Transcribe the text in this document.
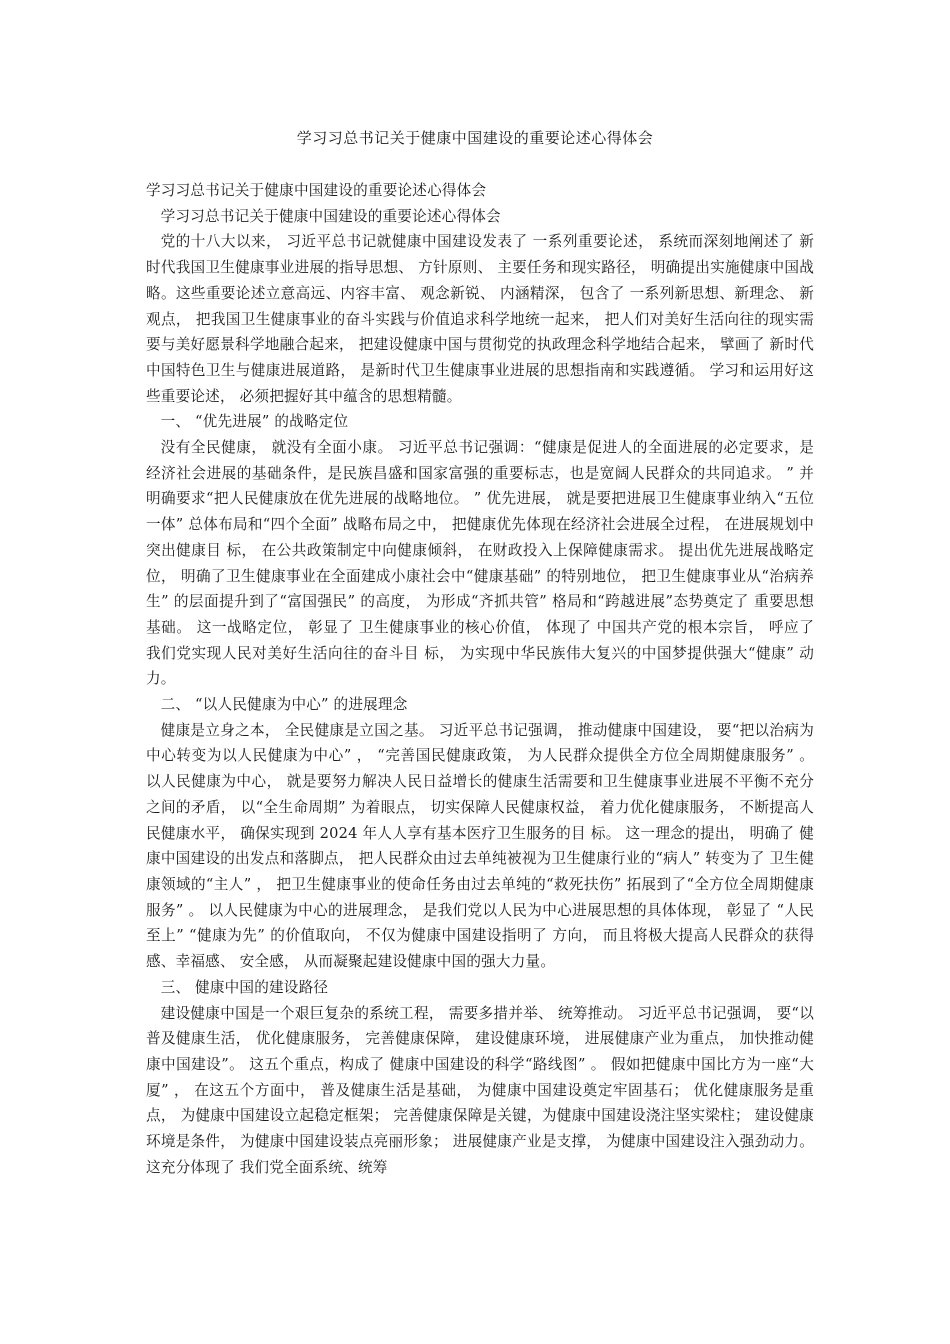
学习习总书记关于健康中国建设的重要论述心得体会

学习习总书记关于健康中国建设的重要论述心得体会

学习习总书记关于健康中国建设的重要论述心得体会

党的十八大以来， 习近平总书记就健康中国建设发表了 一系列重要论述， 系统而深刻地阐述了 新时代我国卫生健康事业进展的指导思想、 方针原则、 主要任务和现实路径， 明确提出实施健康中国战略。这些重要论述立意高远、内容丰富、 观念新锐、 内涵精深， 包含了 一系列新思想、新理念、 新观点， 把我国卫生健康事业的奋斗实践与价值追求科学地统一起来， 把人们对美好生活向往的现实需要与美好愿景科学地融合起来， 把建设健康中国与贯彻党的执政理念科学地结合起来， 擘画了 新时代中国特色卫生与健康进展道路， 是新时代卫生健康事业进展的思想指南和实践遵循。 学习和运用好这些重要论述， 必须把握好其中蕴含的思想精髓。

一、 “优先进展” 的战略定位

没有全民健康， 就没有全面小康。 习近平总书记强调：“健康是促进人的全面进展的必定要求，是经济社会进展的基础条件，是民族昌盛和国家富强的重要标志，也是宽阔人民群众的共同追求。 ” 并明确要求“把人民健康放在优先进展的战略地位。 ” 优先进展， 就是要把进展卫生健康事业纳入“五位一体” 总体布局和“四个全面” 战略布局之中， 把健康优先体现在经济社会进展全过程， 在进展规划中突出健康目 标， 在公共政策制定中向健康倾斜， 在财政投入上保障健康需求。 提出优先进展战略定位， 明确了卫生健康事业在全面建成小康社会中“健康基础” 的特别地位， 把卫生健康事业从“治病养生” 的层面提升到了“富国强民” 的高度， 为形成“齐抓共管” 格局和“跨越进展”态势奠定了 重要思想基础。 这一战略定位， 彰显了 卫生健康事业的核心价值， 体现了 中国共产党的根本宗旨， 呼应了 我们党实现人民对美好生活向往的奋斗目 标， 为实现中华民族伟大复兴的中国梦提供强大“健康” 动力。

二、 “以人民健康为中心” 的进展理念

健康是立身之本， 全民健康是立国之基。 习近平总书记强调， 推动健康中国建设， 要“把以治病为中心转变为以人民健康为中心” ， “完善国民健康政策， 为人民群众提供全方位全周期健康服务” 。 以人民健康为中心， 就是要努力解决人民日益增长的健康生活需要和卫生健康事业进展不平衡不充分之间的矛盾， 以“全生命周期” 为着眼点， 切实保障人民健康权益， 着力优化健康服务， 不断提高人民健康水平， 确保实现到 2024 年人人享有基本医疗卫生服务的目 标。 这一理念的提出， 明确了 健康中国建设的出发点和落脚点， 把人民群众由过去单纯被视为卫生健康行业的“病人” 转变为了 卫生健康领域的“主人” ， 把卫生健康事业的使命任务由过去单纯的“救死扶伤” 拓展到了“全方位全周期健康服务” 。 以人民健康为中心的进展理念， 是我们党以人民为中心进展思想的具体体现， 彰显了 “人民至上” “健康为先” 的价值取向， 不仅为健康中国建设指明了 方向， 而且将极大提高人民群众的获得感、幸福感、 安全感， 从而凝聚起建设健康中国的强大力量。

三、 健康中国的建设路径

建设健康中国是一个艰巨复杂的系统工程， 需要多措并举、 统筹推动。 习近平总书记强调， 要“以普及健康生活， 优化健康服务， 完善健康保障， 建设健康环境， 进展健康产业为重点， 加快推动健康中国建设”。 这五个重点，构成了 健康中国建设的科学“路线图” 。 假如把健康中国比方为一座“大厦” ， 在这五个方面中， 普及健康生活是基础， 为健康中国建设奠定牢固基石； 优化健康服务是重点， 为健康中国建设立起稳定框架； 完善健康保障是关键，为健康中国建设浇注坚实梁柱； 建设健康环境是条件， 为健康中国建设装点亮丽形象； 进展健康产业是支撑， 为健康中国建设注入强劲动力。这充分体现了 我们党全面系统、统筹
